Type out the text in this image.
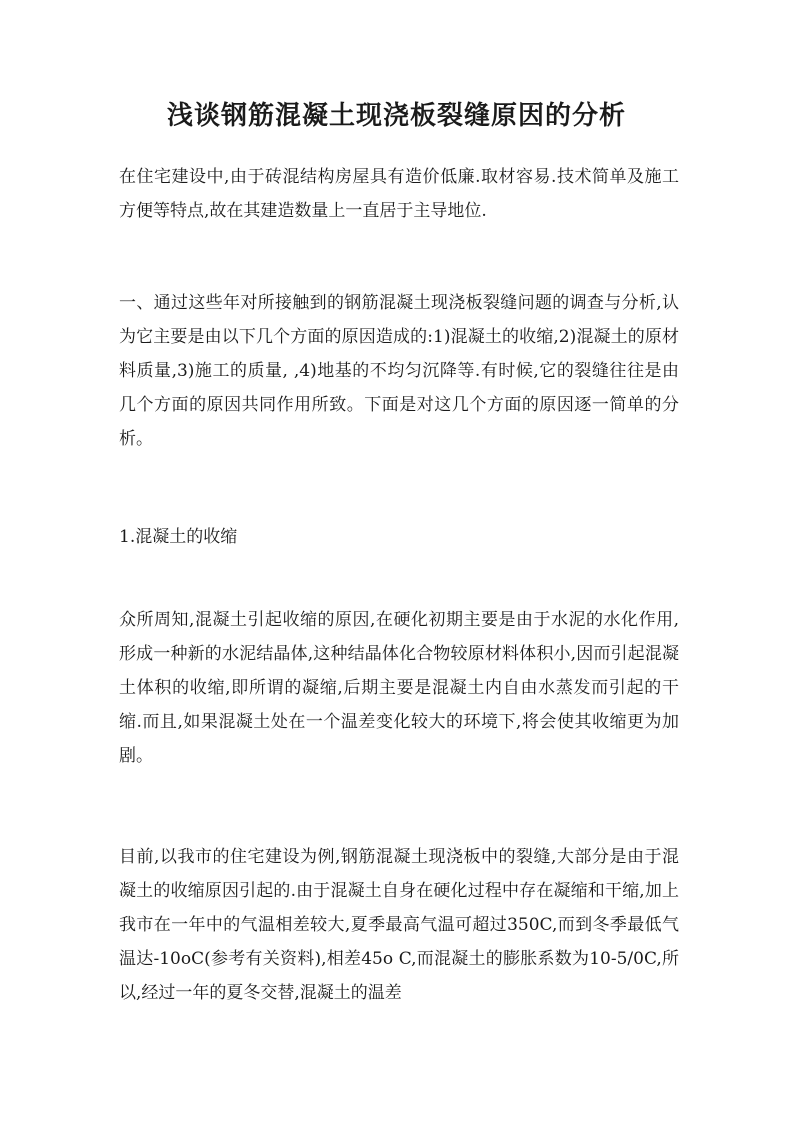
浅谈钢筋混凝土现浇板裂缝原因的分析

在住宅建设中,由于砖混结构房屋具有造价低廉.取材容易.技术简单及施工方便等特点,故在其建造数量上一直居于主导地位.

一、通过这些年对所接触到的钢筋混凝土现浇板裂缝问题的调查与分析,认为它主要是由以下几个方面的原因造成的:1)混凝土的收缩,2)混凝土的原材料质量,3)施工的质量, ,4)地基的不均匀沉降等.有时候,它的裂缝往往是由几个方面的原因共同作用所致。下面是对这几个方面的原因逐一简单的分析。

1.混凝土的收缩

众所周知,混凝土引起收缩的原因,在硬化初期主要是由于水泥的水化作用,形成一种新的水泥结晶体,这种结晶体化合物较原材料体积小,因而引起混凝土体积的收缩,即所谓的凝缩,后期主要是混凝土内自由水蒸发而引起的干缩.而且,如果混凝土处在一个温差变化较大的环境下,将会使其收缩更为加剧。

目前,以我市的住宅建设为例,钢筋混凝土现浇板中的裂缝,大部分是由于混凝土的收缩原因引起的.由于混凝土自身在硬化过程中存在凝缩和干缩,加上我市在一年中的气温相差较大,夏季最高气温可超过350C,而到冬季最低气温达-10oC(参考有关资料),相差45o C,而混凝土的膨胀系数为10-5/0C,所以,经过一年的夏冬交替,混凝土的温差
